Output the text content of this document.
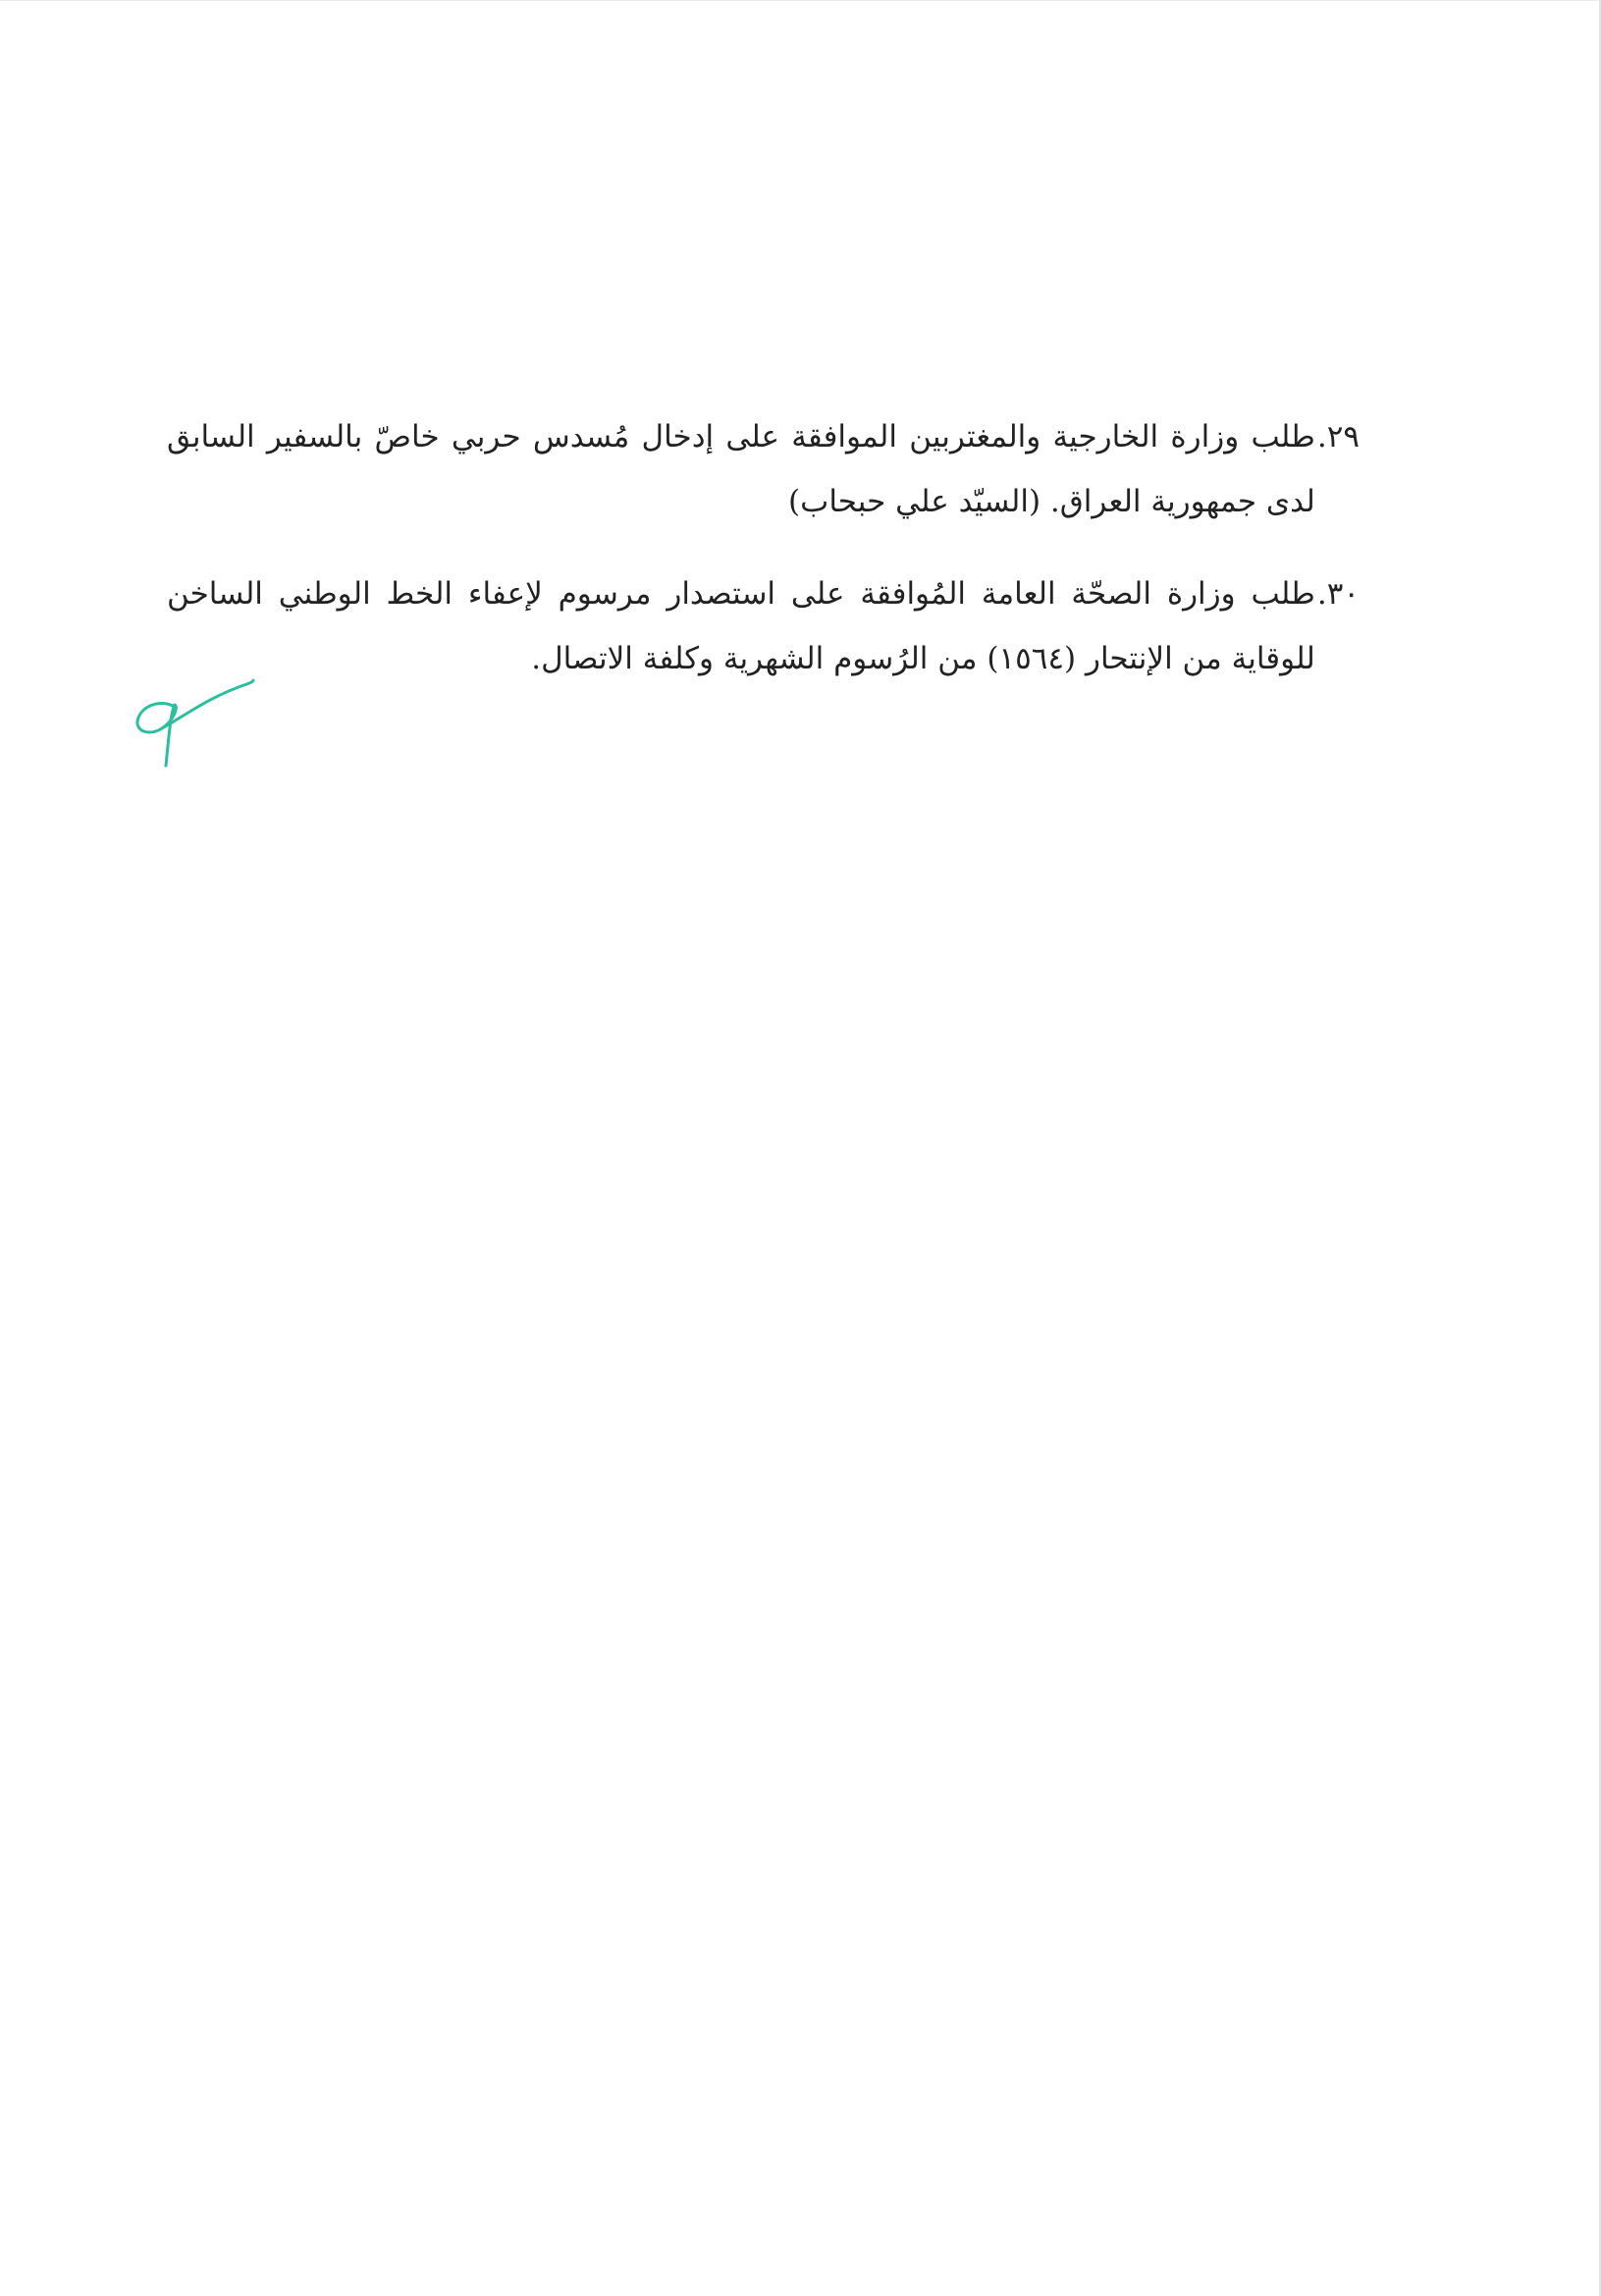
٢٩.
طلب وزارة الخارجية والمغتربين الموافقة على إدخال مُسدس حربي خاصّ بالسفير السابق لدى جمهورية العراق. (السيّد علي حبحاب)
٣٠.
طلب وزارة الصحّة العامة المُوافقة على استصدار مرسوم لإعفاء الخط الوطني الساخن للوقاية من الإنتحار (١٥٦٤) من الرُسوم الشهرية وكلفة الاتصال.
